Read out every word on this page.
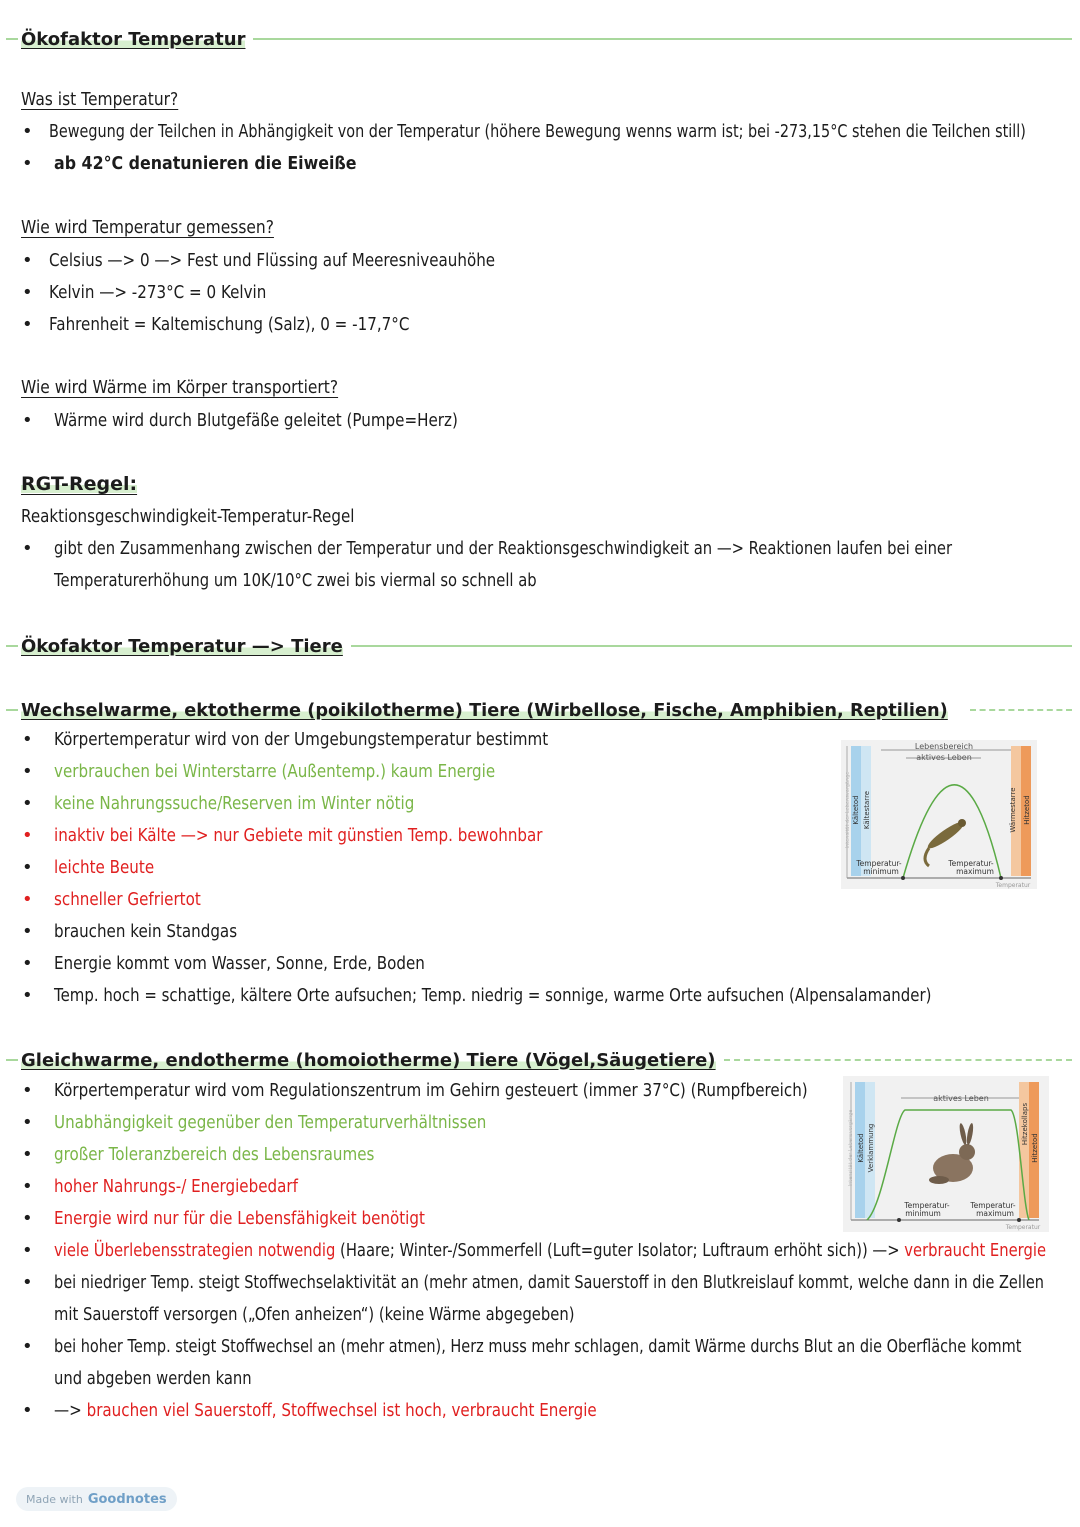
Ökofaktor Temperatur
Was ist Temperatur?
• Bewegung der Teilchen in Abhängigkeit von der Temperatur (höhere Bewegung wenns warm ist; bei -273,15°C stehen die Teilchen still)
• ab 42°C denatunieren die Eiweiße
Wie wird Temperatur gemessen?
• Celsius —> 0 —> Fest und Flüssing auf Meeresniveauhöhe
• Kelvin —> -273°C = 0 Kelvin
• Fahrenheit = Kaltemischung (Salz), 0 = -17,7°C
Wie wird Wärme im Körper transportiert?
• Wärme wird durch Blutgefäße geleitet (Pumpe=Herz)
RGT-Regel:
Reaktionsgeschwindigkeit-Temperatur-Regel
• gibt den Zusammenhang zwischen der Temperatur und der Reaktionsgeschwindigkeit an —> Reaktionen laufen bei einer
Temperaturerhöhung um 10K/10°C zwei bis viermal so schnell ab
Ökofaktor Temperatur —> Tiere
Wechselwarme, ektotherme (poikilotherme) Tiere (Wirbellose, Fische, Amphibien, Reptilien)
• Körpertemperatur wird von der Umgebungstemperatur bestimmt
• verbrauchen bei Winterstarre (Außentemp.) kaum Energie
• keine Nahrungssuche/Reserven im Winter nötig
• inaktiv bei Kälte —> nur Gebiete mit günstien Temp. bewohnbar
• leichte Beute
• schneller Gefriertot
• brauchen kein Standgas
• Energie kommt vom Wasser, Sonne, Erde, Boden
• Temp. hoch = schattige, kältere Orte aufsuchen; Temp. niedrig = sonnige, warme Orte aufsuchen (Alpensalamander)
Lebensbereich
aktives Leben
Intensität der Lebensvorgänge Kältetod Kältestarre	Wärmestarre Hitzetod
Temperatur-
minimum
Temperatur-
maximum
Temperatur
Gleichwarme, endotherme (homoiotherme) Tiere (Vögel,Säugetiere)
• Körpertemperatur wird vom Regulationszentrum im Gehirn gesteuert (immer 37°C) (Rumpfbereich)
• Unabhängigkeit gegenüber den Temperaturverhältnissen
• großer Toleranzbereich des Lebensraumes
• hoher Nahrungs-/ Energiebedarf
• Energie wird nur für die Lebensfähigkeit benötigt
• viele Überlebensstrategien notwendig (Haare; Winter-/Sommerfell (Luft=guter Isolator; Luftraum erhöht sich)) —> verbraucht Energie
• bei niedriger Temp. steigt Stoffwechselaktivität an (mehr atmen, damit Sauerstoff in den Blutkreislauf kommt, welche dann in die Zellen
mit Sauerstoff versorgen („Ofen anheizen“) (keine Wärme abgegeben)
• bei hoher Temp. steigt Stoffwechsel an (mehr atmen), Herz muss mehr schlagen, damit Wärme durchs Blut an die Oberfläche kommt
und abgeben werden kann
• —> brauchen viel Sauerstoff, Stoffwechsel ist hoch, verbraucht Energie
aktives Leben
Intensität der Lebensvorgänge Kältetod Verklammung	Hitzekollaps
Hitzetod
Temperatur-
minimum
Temperatur-
maximum
Temperatur
Made with Goodnotes
